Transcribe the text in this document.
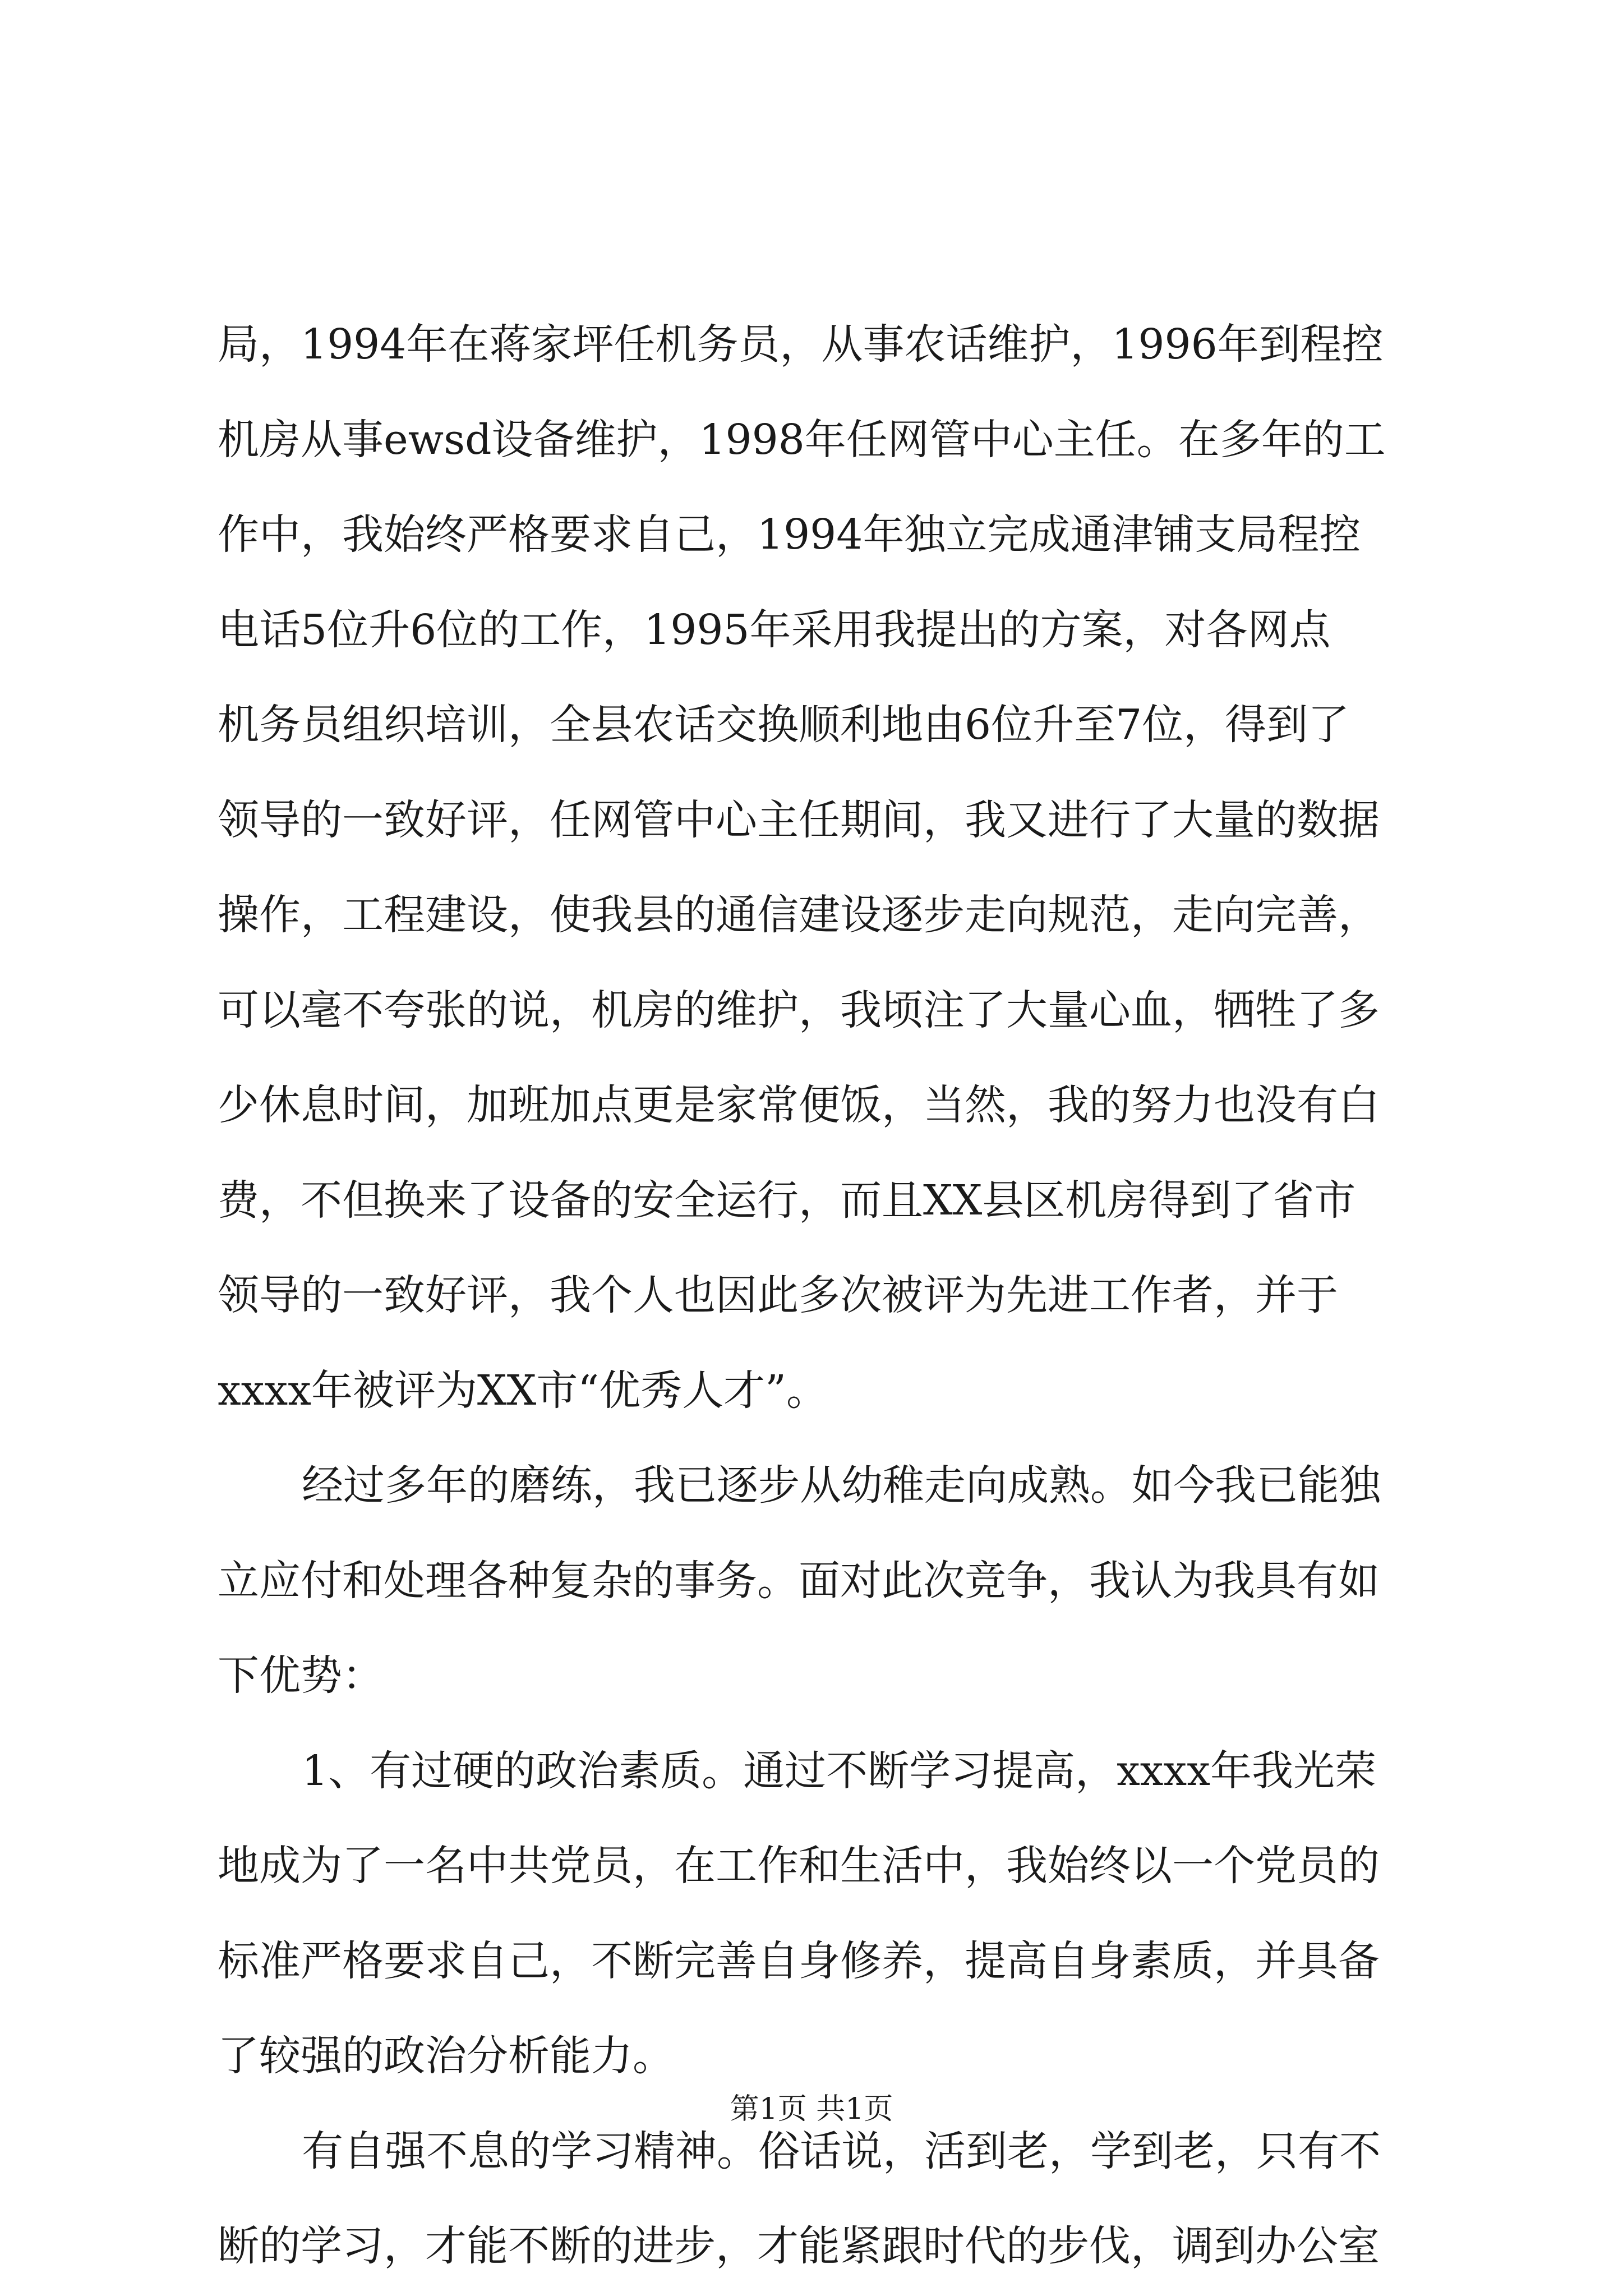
局，1994年在蒋家坪任机务员，从事农话维护，1996年到程控
机房从事ewsd设备维护，1998年任网管中心主任。在多年的工
作中，我始终严格要求自己，1994年独立完成通津铺支局程控
电话5位升6位的工作，1995年采用我提出的方案，对各网点
机务员组织培训，全县农话交换顺利地由6位升至7位，得到了
领导的一致好评，任网管中心主任期间，我又进行了大量的数据
操作，工程建设，使我县的通信建设逐步走向规范，走向完善，
可以毫不夸张的说，机房的维护，我顷注了大量心血，牺牲了多
少休息时间，加班加点更是家常便饭，当然，我的努力也没有白
费，不但换来了设备的安全运行，而且XX县区机房得到了省市
领导的一致好评，我个人也因此多次被评为先进工作者，并于
xxxx年被评为XX市“优秀人才”。
经过多年的磨练，我已逐步从幼稚走向成熟。如今我已能独
立应付和处理各种复杂的事务。面对此次竞争，我认为我具有如
下优势：
1、有过硬的政治素质。通过不断学习提高，xxxx年我光荣
地成为了一名中共党员，在工作和生活中，我始终以一个党员的
标准严格要求自己，不断完善自身修养，提高自身素质，并具备
了较强的政治分析能力。
有自强不息的学习精神。俗话说，活到老，学到老，只有不
断的学习，才能不断的进步，才能紧跟时代的步伐，调到办公室
第1页 共1页
